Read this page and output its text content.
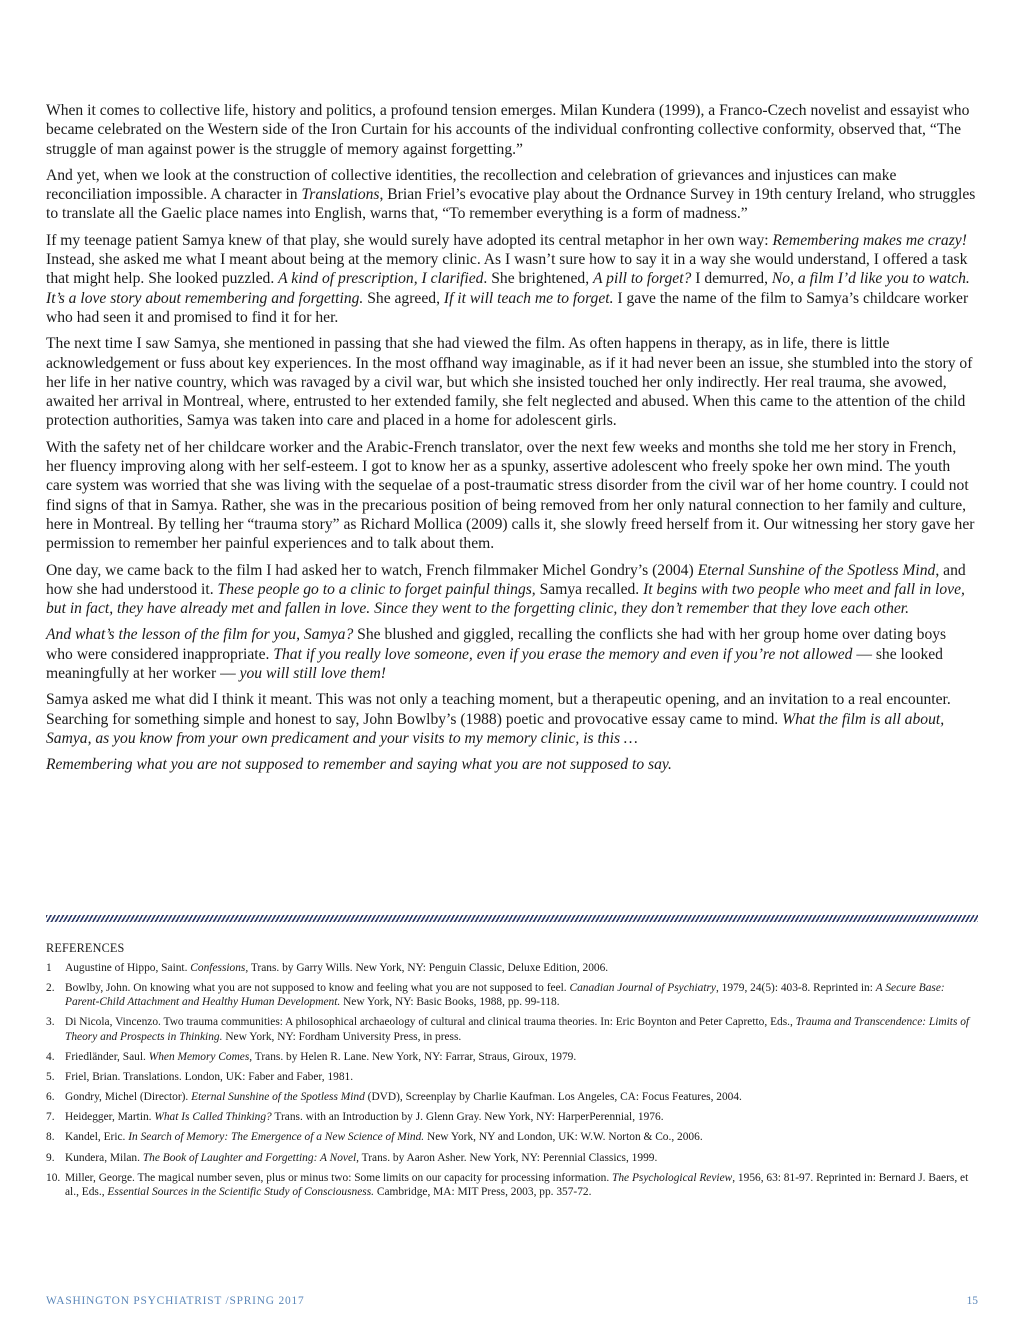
When it comes to collective life, history and politics, a profound tension emerges. Milan Kundera (1999), a Franco-Czech novelist and essayist who became celebrated on the Western side of the Iron Curtain for his accounts of the individual confronting collective conformity, observed that, “The struggle of man against power is the struggle of memory against forgetting.”

And yet, when we look at the construction of collective identities, the recollection and celebration of grievances and injustices can make reconciliation impossible. A character in Translations, Brian Friel’s evocative play about the Ordnance Survey in 19th century Ireland, who struggles to translate all the Gaelic place names into English, warns that, “To remember everything is a form of madness.”

If my teenage patient Samya knew of that play, she would surely have adopted its central metaphor in her own way: Remembering makes me crazy! Instead, she asked me what I meant about being at the memory clinic. As I wasn’t sure how to say it in a way she would understand, I offered a task that might help. She looked puzzled. A kind of prescription, I clarified. She brightened, A pill to forget? I demurred, No, a film I’d like you to watch. It’s a love story about remembering and forgetting. She agreed, If it will teach me to forget. I gave the name of the film to Samya’s childcare worker who had seen it and promised to find it for her.

The next time I saw Samya, she mentioned in passing that she had viewed the film. As often happens in therapy, as in life, there is little acknowledgement or fuss about key experiences. In the most offhand way imaginable, as if it had never been an issue, she stumbled into the story of her life in her native country, which was ravaged by a civil war, but which she insisted touched her only indirectly. Her real trauma, she avowed, awaited her arrival in Montreal, where, entrusted to her extended family, she felt neglected and abused. When this came to the attention of the child protection authorities, Samya was taken into care and placed in a home for adolescent girls.

With the safety net of her childcare worker and the Arabic-French translator, over the next few weeks and months she told me her story in French, her fluency improving along with her self-esteem. I got to know her as a spunky, assertive adolescent who freely spoke her own mind. The youth care system was worried that she was living with the sequelae of a post-traumatic stress disorder from the civil war of her home country. I could not find signs of that in Samya. Rather, she was in the precarious position of being removed from her only natural connection to her family and culture, here in Montreal. By telling her “trauma story” as Richard Mollica (2009) calls it, she slowly freed herself from it. Our witnessing her story gave her permission to remember her painful experiences and to talk about them.

One day, we came back to the film I had asked her to watch, French filmmaker Michel Gondry’s (2004) Eternal Sunshine of the Spotless Mind, and how she had understood it. These people go to a clinic to forget painful things, Samya recalled. It begins with two people who meet and fall in love, but in fact, they have already met and fallen in love. Since they went to the forgetting clinic, they don’t remember that they love each other.

And what’s the lesson of the film for you, Samya? She blushed and giggled, recalling the conflicts she had with her group home over dating boys who were considered inappropriate. That if you really love someone, even if you erase the memory and even if you’re not allowed — she looked meaningfully at her worker — you will still love them!

Samya asked me what did I think it meant. This was not only a teaching moment, but a therapeutic opening, and an invitation to a real encounter. Searching for something simple and honest to say, John Bowlby’s (1988) poetic and provocative essay came to mind. What the film is all about, Samya, as you know from your own predicament and your visits to my memory clinic, is this …

Remembering what you are not supposed to remember and saying what you are not supposed to say.

REFERENCES
1 Augustine of Hippo, Saint. Confessions, Trans. by Garry Wills. New York, NY: Penguin Classic, Deluxe Edition, 2006.
2. Bowlby, John. On knowing what you are not supposed to know and feeling what you are not supposed to feel. Canadian Journal of Psychiatry, 1979, 24(5): 403-8. Reprinted in: A Secure Base: Parent-Child Attachment and Healthy Human Development. New York, NY: Basic Books, 1988, pp. 99-118.
3. Di Nicola, Vincenzo. Two trauma communities: A philosophical archaeology of cultural and clinical trauma theories. In: Eric Boynton and Peter Capretto, Eds., Trauma and Transcendence: Limits of Theory and Prospects in Thinking. New York, NY: Fordham University Press, in press.
4. Friedländer, Saul. When Memory Comes, Trans. by Helen R. Lane. New York, NY: Farrar, Straus, Giroux, 1979.
5. Friel, Brian. Translations. London, UK: Faber and Faber, 1981.
6. Gondry, Michel (Director). Eternal Sunshine of the Spotless Mind (DVD), Screenplay by Charlie Kaufman. Los Angeles, CA: Focus Features, 2004.
7. Heidegger, Martin. What Is Called Thinking? Trans. with an Introduction by J. Glenn Gray. New York, NY: HarperPerennial, 1976.
8. Kandel, Eric. In Search of Memory: The Emergence of a New Science of Mind. New York, NY and London, UK: W.W. Norton & Co., 2006.
9. Kundera, Milan. The Book of Laughter and Forgetting: A Novel, Trans. by Aaron Asher. New York, NY: Perennial Classics, 1999.
10. Miller, George. The magical number seven, plus or minus two: Some limits on our capacity for processing information. The Psychological Review, 1956, 63: 81-97. Reprinted in: Bernard J. Baers, et al., Eds., Essential Sources in the Scientific Study of Consciousness. Cambridge, MA: MIT Press, 2003, pp. 357-72.
WASHINGTON PSYCHIATRIST /SPRING 2017	15
